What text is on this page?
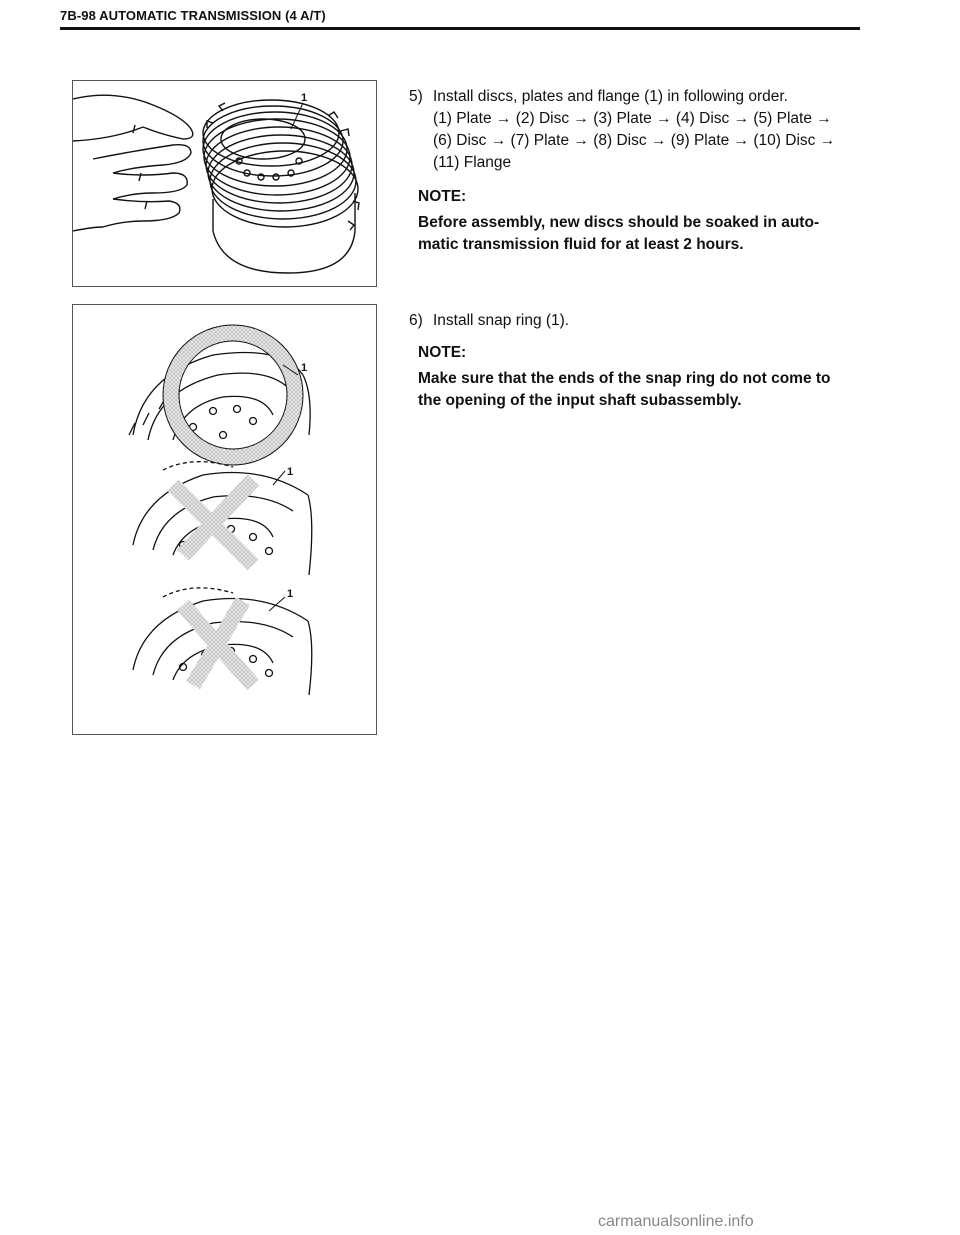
7B-98 AUTOMATIC TRANSMISSION (4 A/T)
1
1
1
1
5) Install discs, plates and flange (1) in following order.
(1) Plate → (2) Disc → (3) Plate → (4) Disc → (5) Plate →
(6) Disc → (7) Plate → (8) Disc → (9) Plate → (10) Disc →
(11) Flange
NOTE:
Before assembly, new discs should be soaked in auto-
matic transmission fluid for at least 2 hours.
6) Install snap ring (1).
NOTE:
Make sure that the ends of the snap ring do not come to
the opening of the input shaft subassembly.
carmanualsonline.info
